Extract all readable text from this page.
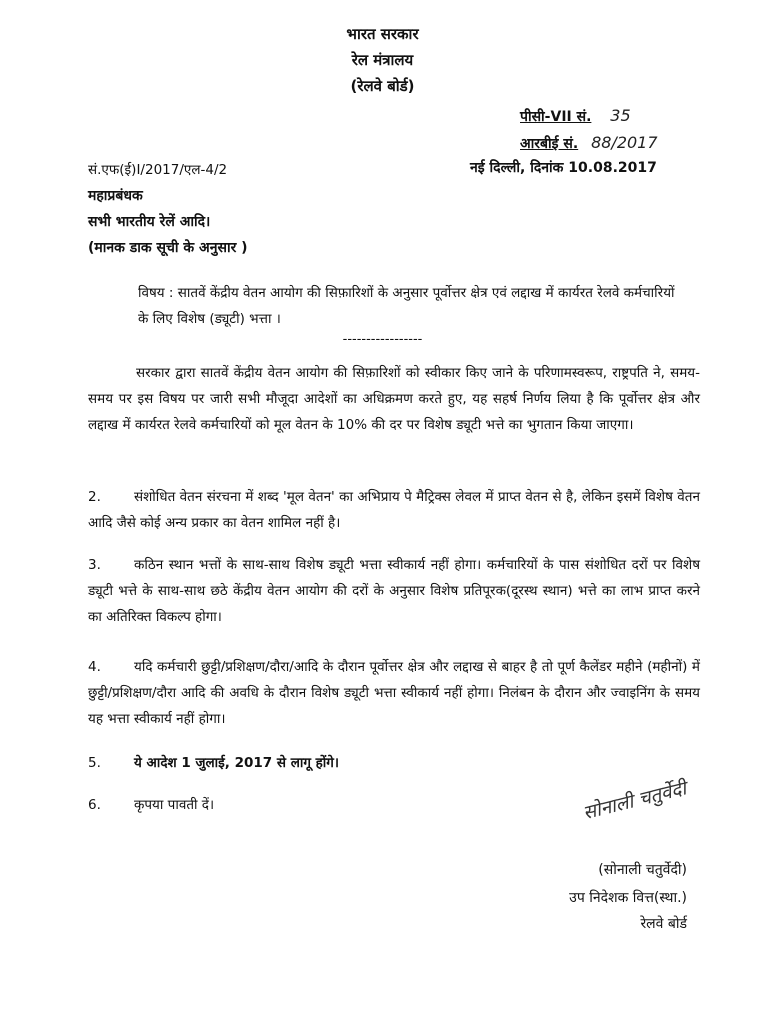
भारत सरकार
रेल मंत्रालय
(रेलवे बोर्ड)
पीसी-VII सं. 35
आरबीई सं. 88/2017
सं.एफ(ई)I/2017/एल-4/2	नई दिल्ली, दिनांक 10.08.2017
महाप्रबंधक
सभी भारतीय रेलें आदि।
(मानक डाक सूची के अनुसार )
विषय : सातवें केंद्रीय वेतन आयोग की सिफ़ारिशों के अनुसार पूर्वोत्तर क्षेत्र एवं लद्दाख में कार्यरत रेलवे कर्मचारियों के लिए विशेष (ड्यूटी) भत्ता ।
-----------------
सरकार द्वारा सातवें केंद्रीय वेतन आयोग की सिफ़ारिशों को स्वीकार किए जाने के परिणामस्वरूप, राष्ट्रपति ने, समय-समय पर इस विषय पर जारी सभी मौजूदा आदेशों का अधिक्रमण करते हुए, यह सहर्ष निर्णय लिया है कि पूर्वोत्तर क्षेत्र और लद्दाख में कार्यरत रेलवे कर्मचारियों को मूल वेतन के 10% की दर पर विशेष ड्यूटी भत्ते का भुगतान किया जाएगा।
2. संशोधित वेतन संरचना में शब्द 'मूल वेतन' का अभिप्राय पे मैट्रिक्स लेवल में प्राप्त वेतन से है, लेकिन इसमें विशेष वेतन आदि जैसे कोई अन्य प्रकार का वेतन शामिल नहीं है।
3. कठिन स्थान भत्तों के साथ-साथ विशेष ड्यूटी भत्ता स्वीकार्य नहीं होगा। कर्मचारियों के पास संशोधित दरों पर विशेष ड्यूटी भत्ते के साथ-साथ छठे केंद्रीय वेतन आयोग की दरों के अनुसार विशेष प्रतिपूरक(दूरस्थ स्थान) भत्ते का लाभ प्राप्त करने का अतिरिक्त विकल्प होगा।
4. यदि कर्मचारी छुट्टी/प्रशिक्षण/दौरा/आदि के दौरान पूर्वोत्तर क्षेत्र और लद्दाख से बाहर है तो पूर्ण कैलेंडर महीने (महीनों) में छुट्टी/प्रशिक्षण/दौरा आदि की अवधि के दौरान विशेष ड्यूटी भत्ता स्वीकार्य नहीं होगा। निलंबन के दौरान और ज्वाइनिंग के समय यह भत्ता स्वीकार्य नहीं होगा।
5. ये आदेश 1 जुलाई, 2017 से लागू होंगे।
6. कृपया पावती दें।	सोनाली चतुर्वेदी
(सोनाली चतुर्वेदी)
उप निदेशक वित्त(स्था.)
रेलवे बोर्ड
